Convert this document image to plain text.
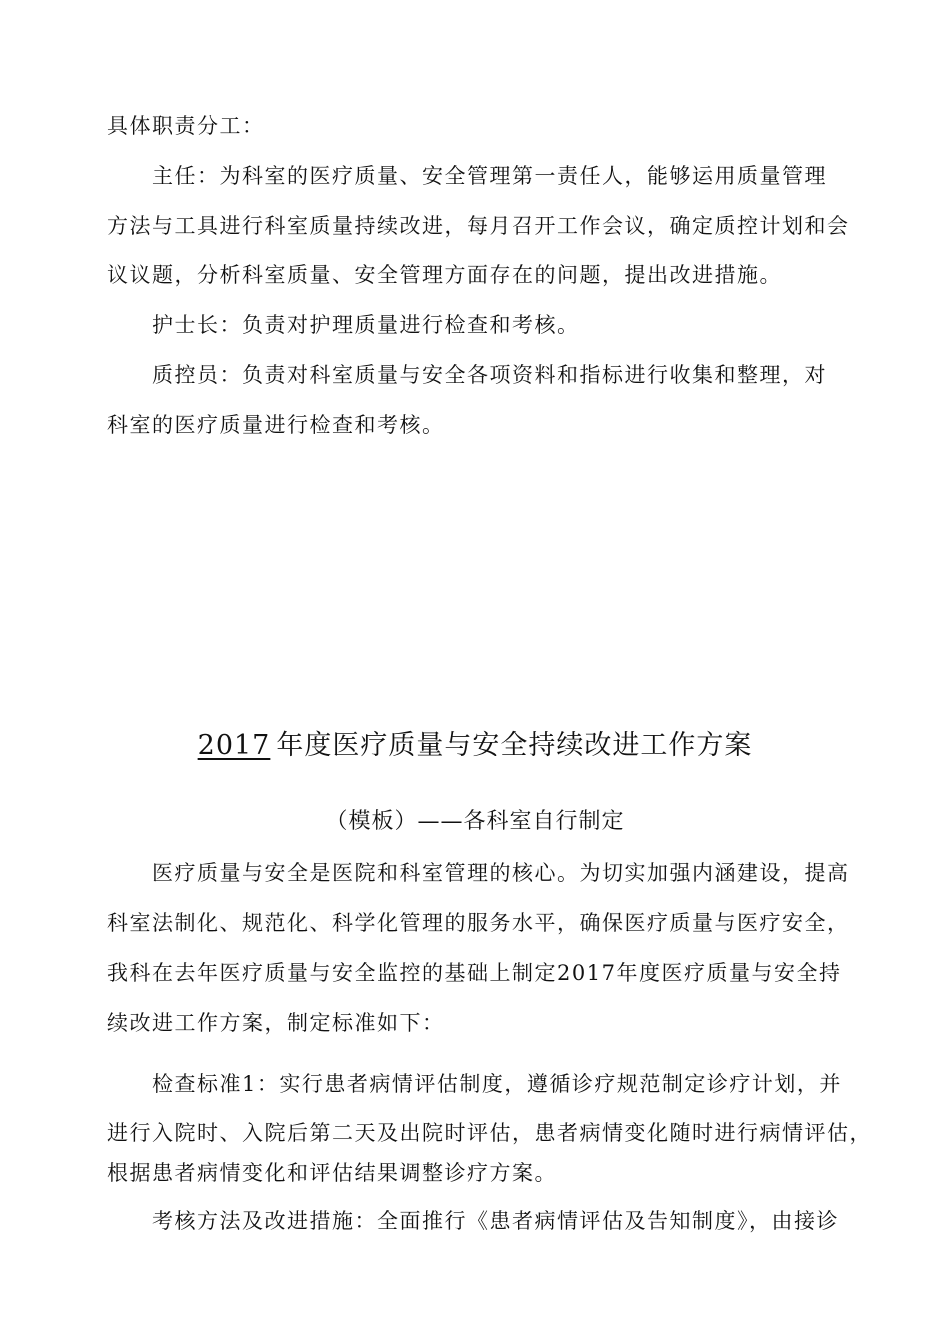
具体职责分工：
主任：为科室的医疗质量、安全管理第一责任人，能够运用质量管理
方法与工具进行科室质量持续改进，每月召开工作会议，确定质控计划和会
议议题，分析科室质量、安全管理方面存在的问题，提出改进措施。
护士长：负责对护理质量进行检查和考核。
质控员：负责对科室质量与安全各项资料和指标进行收集和整理，对
科室的医疗质量进行检查和考核。
2017 年度医疗质量与安全持续改进工作方案
（模板）——各科室自行制定
医疗质量与安全是医院和科室管理的核心。为切实加强内涵建设，提高
科室法制化、规范化、科学化管理的服务水平，确保医疗质量与医疗安全，
我科在去年医疗质量与安全监控的基础上制定2017年度医疗质量与安全持
续改进工作方案，制定标准如下：
检查标准1：实行患者病情评估制度，遵循诊疗规范制定诊疗计划，并
进行入院时、入院后第二天及出院时评估，患者病情变化随时进行病情评估，
根据患者病情变化和评估结果调整诊疗方案。
考核方法及改进措施：全面推行《患者病情评估及告知制度》，由接诊
